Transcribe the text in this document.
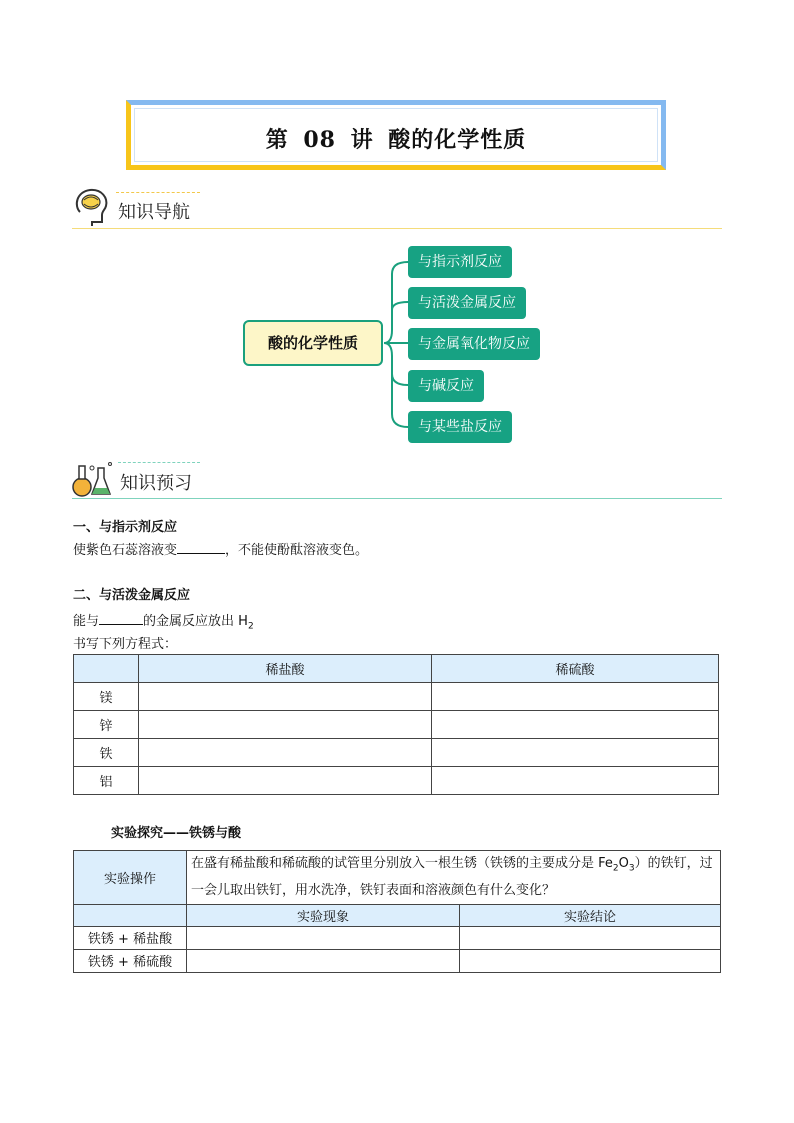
第 08 讲 酸的化学性质
知识导航
酸的化学性质
与指示剂反应
与活泼金属反应
与金属氧化物反应
与碱反应
与某些盐反应
知识预习
一、与指示剂反应
使紫色石蕊溶液变	，不能使酚酞溶液变色。
二、与活泼金属反应
能与	的金属反应放出 $H_2$
书写下列方程式：
	稀盐酸	稀硫酸
镁		
锌		
铁		
铝		
实验探究——铁锈与酸
实验操作	在盛有稀盐酸和稀硫酸的试管里分别放入一根生锈（铁锈的主要成分是 $Fe_2O_3$）的铁钉，过一会儿取出铁钉，用水洗净，铁钉表面和溶液颜色有什么变化？	
	实验现象	实验结论
铁锈 + 稀盐酸		
铁锈 + 稀硫酸		
